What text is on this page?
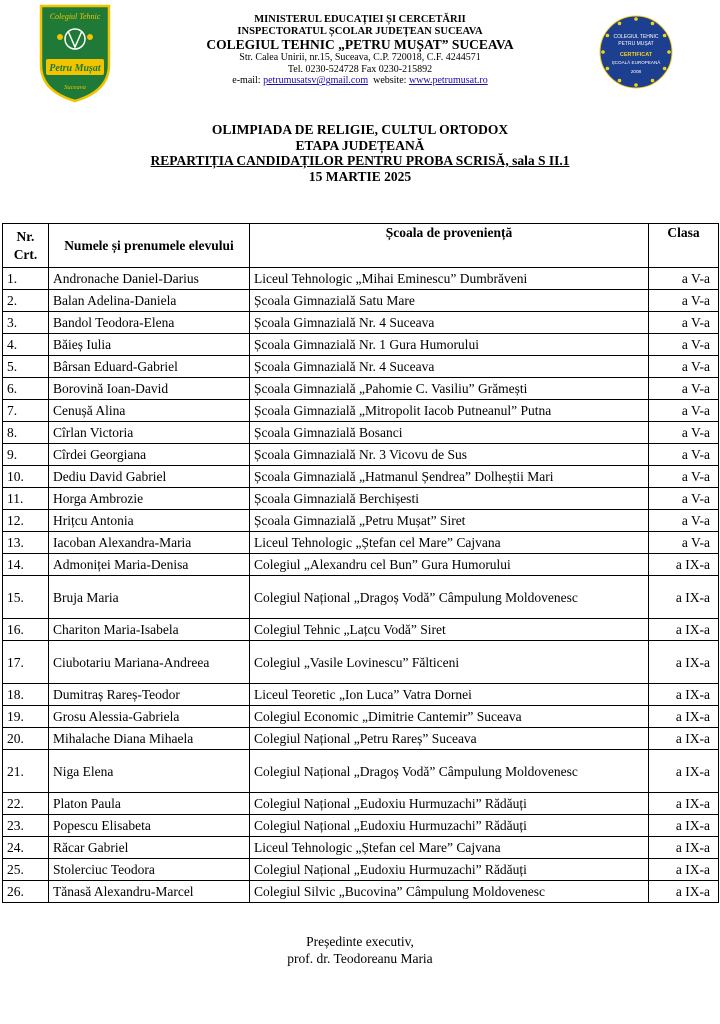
Colegiul Tehnic
Petru Mușat
Suceava
COLEGIUL TEHNIC
PETRU MUȘAT
CERTIFICAT
ȘCOALĂ EUROPEANĂ
2008
MINISTERUL EDUCAȚIEI ȘI CERCETĂRII
INSPECTORATUL ȘCOLAR JUDEȚEAN SUCEAVA
COLEGIUL TEHNIC „PETRU MUȘAT” SUCEAVA
Str. Calea Unirii, nr.15, Suceava, C.P. 720018, C.F. 4244571
Tel. 0230-524728 Fax 0230-215892
e-mail: petrumusatsv@gmail.com website: www.petrumusat.ro
OLIMPIADA DE RELIGIE, CULTUL ORTODOX
ETAPA JUDEȚEANĂ
REPARTIȚIA CANDIDAȚILOR PENTRU PROBA SCRISĂ, sala S II.1
15 MARTIE 2025
Nr. Crt.	Numele și prenumele elevului	Școala de proveniență	Clasa
1.	Andronache Daniel-Darius	Liceul Tehnologic „Mihai Eminescu” Dumbrăveni	a V-a
2.	Balan Adelina-Daniela	Școala Gimnazială Satu Mare	a V-a
3.	Bandol Teodora-Elena	Școala Gimnazială Nr. 4 Suceava	a V-a
4.	Băieș Iulia	Școala Gimnazială Nr. 1 Gura Humorului	a V-a
5.	Bârsan Eduard-Gabriel	Școala Gimnazială Nr. 4 Suceava	a V-a
6.	Borovină Ioan-David	Școala Gimnazială „Pahomie C. Vasiliu” Grămești	a V-a
7.	Cenușă Alina	Școala Gimnazială „Mitropolit Iacob Putneanul” Putna	a V-a
8.	Cîrlan Victoria	Școala Gimnazială Bosanci	a V-a
9.	Cîrdei Georgiana	Școala Gimnazială Nr. 3 Vicovu de Sus	a V-a
10.	Dediu David Gabriel	Școala Gimnazială „Hatmanul Șendrea” Dolheștii Mari	a V-a
11.	Horga Ambrozie	Școala Gimnazială Berchișesti	a V-a
12.	Hrițcu Antonia	Școala Gimnazială „Petru Mușat” Siret	a V-a
13.	Iacoban Alexandra-Maria	Liceul Tehnologic „Ștefan cel Mare” Cajvana	a V-a
14.	Admoniței Maria-Denisa	Colegiul „Alexandru cel Bun” Gura Humorului	a IX-a
15.	Bruja Maria	Colegiul Național „Dragoș Vodă” Câmpulung Moldovenesc	a IX-a
16.	Chariton Maria-Isabela	Colegiul Tehnic „Lațcu Vodă” Siret	a IX-a
17.	Ciubotariu Mariana-Andreea	Colegiul „Vasile Lovinescu” Fălticeni	a IX-a
18.	Dumitraș Rareș-Teodor	Liceul Teoretic „Ion Luca” Vatra Dornei	a IX-a
19.	Grosu Alessia-Gabriela	Colegiul Economic „Dimitrie Cantemir” Suceava	a IX-a
20.	Mihalache Diana Mihaela	Colegiul Național „Petru Rareș” Suceava	a IX-a
21.	Niga Elena	Colegiul Național „Dragoș Vodă” Câmpulung Moldovenesc	a IX-a
22.	Platon Paula	Colegiul Național „Eudoxiu Hurmuzachi” Rădăuți	a IX-a
23.	Popescu Elisabeta	Colegiul Național „Eudoxiu Hurmuzachi” Rădăuți	a IX-a
24.	Răcar Gabriel	Liceul Tehnologic „Ștefan cel Mare” Cajvana	a IX-a
25.	Stolerciuc Teodora	Colegiul Național „Eudoxiu Hurmuzachi” Rădăuți	a IX-a
26.	Tănasă Alexandru-Marcel	Colegiul Silvic „Bucovina” Câmpulung Moldovenesc	a IX-a
Președinte executiv,
prof. dr. Teodoreanu Maria
